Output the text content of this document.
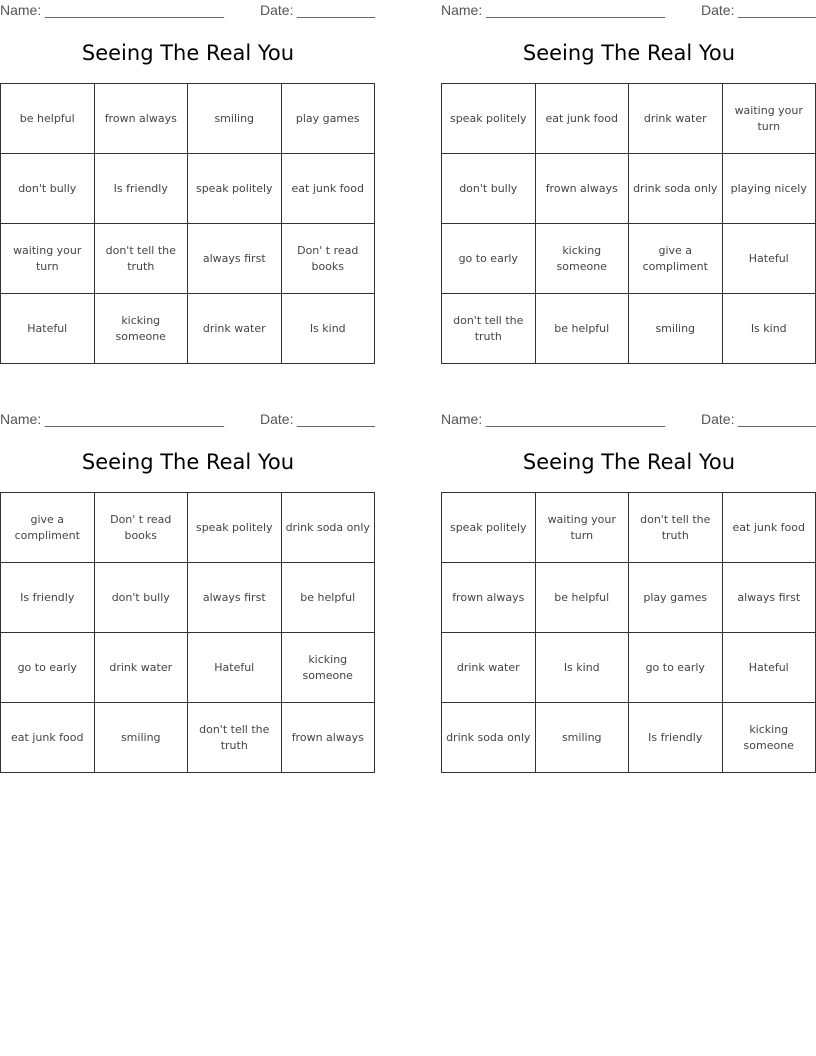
Name: _______________________	Date: __________
Seeing The Real You
be helpful	frown always	smiling	play games
don't bully	Is friendly	speak politely	eat junk food
waiting your turn	don't tell the truth	always first	Don' t read books
Hateful	kicking someone	drink water	Is kind
Name: _______________________	Date: __________
Seeing The Real You
speak politely	eat junk food	drink water	waiting your turn
don't bully	frown always	drink soda only	playing nicely
go to early	kicking someone	give a compliment	Hateful
don't tell the truth	be helpful	smiling	Is kind
Name: _______________________	Date: __________
Seeing The Real You
give a compliment	Don' t read books	speak politely	drink soda only
Is friendly	don't bully	always first	be helpful
go to early	drink water	Hateful	kicking someone
eat junk food	smiling	don't tell the truth	frown always
Name: _______________________	Date: __________
Seeing The Real You
speak politely	waiting your turn	don't tell the truth	eat junk food
frown always	be helpful	play games	always first
drink water	Is kind	go to early	Hateful
drink soda only	smiling	Is friendly	kicking someone
